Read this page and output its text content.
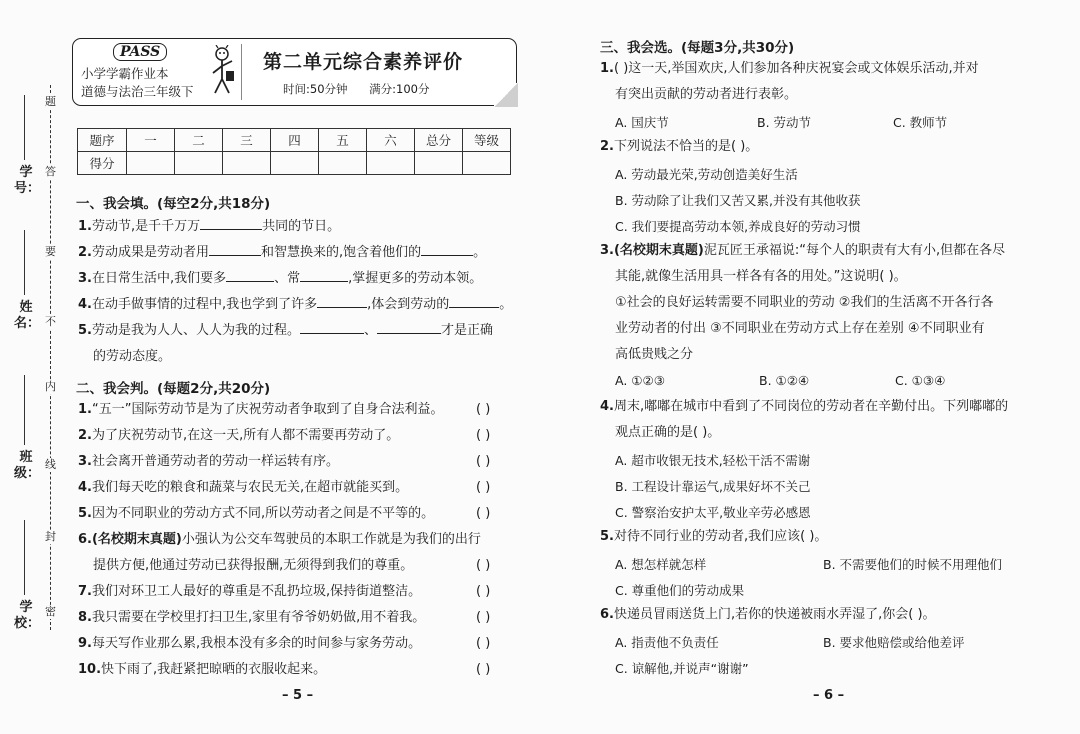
学号：
姓名：
班级：
学校：
题
答
要
不
内
线
封
密
PASS
小学学霸作业本
道德与法治三年级下
第二单元综合素养评价
时间:50分钟 满分:100分
题序	一	二	三	四	五	六	总分	等级
得分								
一、我会填。(每空2分,共18分)
1.劳动节,是千千万万	共同的节日。
2.劳动成果是劳动者用	和智慧换来的,饱含着他们的	。
3.在日常生活中,我们要多	、常	,掌握更多的劳动本领。
4.在动手做事情的过程中,我也学到了许多	,体会到劳动的	。
5.劳动是我为人人、人人为我的过程。	、	才是正确
的劳动态度。
二、我会判。(每题2分,共20分)
1.“五一”国际劳动节是为了庆祝劳动者争取到了自身合法利益。	( )
2.为了庆祝劳动节,在这一天,所有人都不需要再劳动了。	( )
3.社会离开普通劳动者的劳动一样运转有序。	( )
4.我们每天吃的粮食和蔬菜与农民无关,在超市就能买到。	( )
5.因为不同职业的劳动方式不同,所以劳动者之间是不平等的。	( )
6.(名校期末真题)小强认为公交车驾驶员的本职工作就是为我们的出行
提供方便,他通过劳动已获得报酬,无须得到我们的尊重。	( )
7.我们对环卫工人最好的尊重是不乱扔垃圾,保持街道整洁。	( )
8.我只需要在学校里打扫卫生,家里有爷爷奶奶做,用不着我。	( )
9.每天写作业那么累,我根本没有多余的时间参与家务劳动。	( )
10.快下雨了,我赶紧把晾晒的衣服收起来。	( )
– 5 –
三、我会选。(每题3分,共30分)
1.( )这一天,举国欢庆,人们参加各种庆祝宴会或文体娱乐活动,并对
有突出贡献的劳动者进行表彰。
A. 国庆节	B. 劳动节	C. 教师节
2.下列说法不恰当的是( )。
A. 劳动最光荣,劳动创造美好生活
B. 劳动除了让我们又苦又累,并没有其他收获
C. 我们要提高劳动本领,养成良好的劳动习惯
3.(名校期末真题)泥瓦匠王承福说:“每个人的职责有大有小,但都在各尽
其能,就像生活用具一样各有各的用处。”这说明( )。
①社会的良好运转需要不同职业的劳动 ②我们的生活离不开各行各
业劳动者的付出 ③不同职业在劳动方式上存在差别 ④不同职业有
高低贵贱之分
A. ①②③	B. ①②④	C. ①③④
4.周末,嘟嘟在城市中看到了不同岗位的劳动者在辛勤付出。下列嘟嘟的
观点正确的是( )。
A. 超市收银无技术,轻松干活不需谢
B. 工程设计靠运气,成果好坏不关己
C. 警察治安护太平,敬业辛劳必感恩
5.对待不同行业的劳动者,我们应该( )。
A. 想怎样就怎样	B. 不需要他们的时候不用理他们
C. 尊重他们的劳动成果
6.快递员冒雨送货上门,若你的快递被雨水弄湿了,你会( )。
A. 指责他不负责任	B. 要求他赔偿或给他差评
C. 谅解他,并说声“谢谢”
– 6 –
